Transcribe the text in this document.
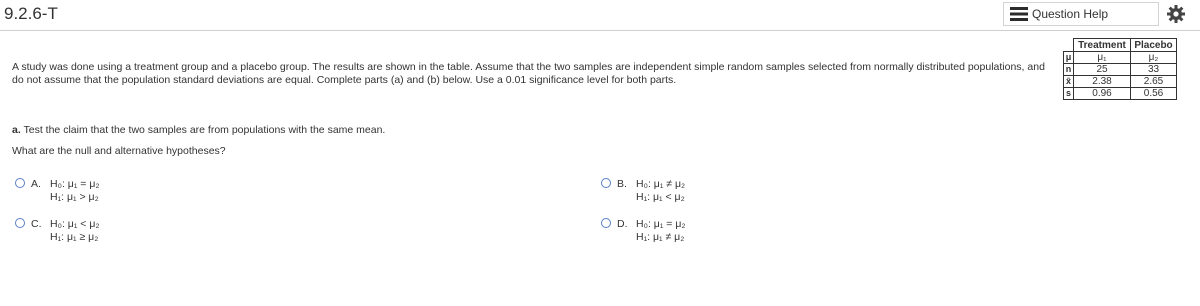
9.2.6-T	Question Help
A study was done using a treatment group and a placebo group. The results are shown in the table. Assume that the two samples are independent simple random samples selected from normally distributed populations, and do not assume that the population standard deviations are equal. Complete parts (a) and (b) below. Use a 0.01 significance level for both parts.
	Treatment	Placebo
μ	μ₁	μ₂
n	25	33
x̄	2.38	2.65
s	0.96	0.56
a. Test the claim that the two samples are from populations with the same mean.
What are the null and alternative hypotheses?
A. H₀: μ₁ = μ₂
H₁: μ₁ > μ₂
B. H₀: μ₁ ≠ μ₂
H₁: μ₁ < μ₂
C. H₀: μ₁ < μ₂
H₁: μ₁ ≥ μ₂
D. H₀: μ₁ = μ₂
H₁: μ₁ ≠ μ₂
